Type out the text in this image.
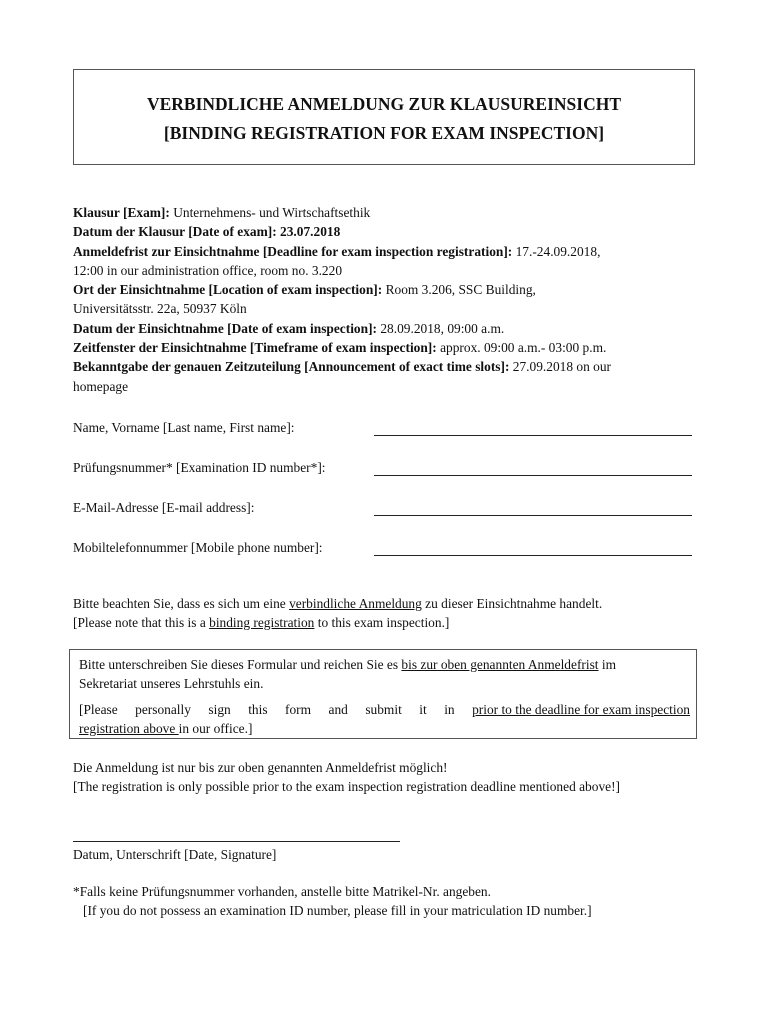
VERBINDLICHE ANMELDUNG ZUR KLAUSUREINSICHT
[BINDING REGISTRATION FOR EXAM INSPECTION]
Klausur [Exam]: Unternehmens- und Wirtschaftsethik
Datum der Klausur [Date of exam]: 23.07.2018
Anmeldefrist zur Einsichtnahme [Deadline for exam inspection registration]: 17.-24.09.2018,
12:00 in our administration office, room no. 3.220
Ort der Einsichtnahme [Location of exam inspection]: Room 3.206, SSC Building,
Universitätsstr. 22a, 50937 Köln
Datum der Einsichtnahme [Date of exam inspection]: 28.09.2018, 09:00 a.m.
Zeitfenster der Einsichtnahme [Timeframe of exam inspection]: approx. 09:00 a.m.- 03:00 p.m.
Bekanntgabe der genauen Zeitzuteilung [Announcement of exact time slots]: 27.09.2018 on our
homepage
Name, Vorname [Last name, First name]:
Prüfungsnummer* [Examination ID number*]:
E-Mail-Adresse [E-mail address]:
Mobiltelefonnummer [Mobile phone number]:
Bitte beachten Sie, dass es sich um eine verbindliche Anmeldung zu dieser Einsichtnahme handelt.
[Please note that this is a binding registration to this exam inspection.]
Bitte unterschreiben Sie dieses Formular und reichen Sie es bis zur oben genannten Anmeldefrist im
Sekretariat unseres Lehrstuhls ein.
[Please personally sign this form and submit it in prior to the deadline for exam inspection
registration above in our office.]
Die Anmeldung ist nur bis zur oben genannten Anmeldefrist möglich!
[The registration is only possible prior to the exam inspection registration deadline mentioned above!]
Datum, Unterschrift [Date, Signature]
*Falls keine Prüfungsnummer vorhanden, anstelle bitte Matrikel-Nr. angeben.
[If you do not possess an examination ID number, please fill in your matriculation ID number.]
